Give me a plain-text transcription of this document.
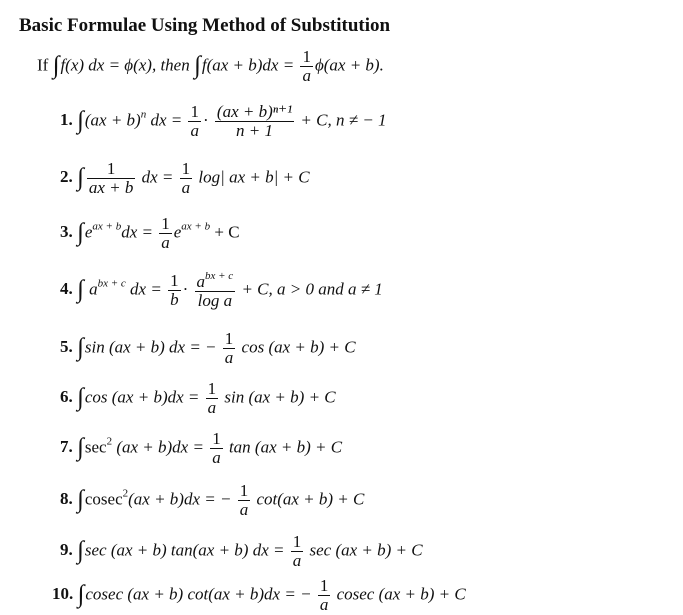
Basic Formulae Using Method of Substitution
If ∫f(x) dx = ϕ(x), then $\int f(ax + b)dx = \frac{1}{a} \phi(ax + b)$.
1. ∫(ax + b)$^n$ dx = $\frac{1}{a} \cdot \frac{\text{(ax + b)ⁿ⁺¹}}{n + 1} + C$, n ≠ − 1
2. ∫ $\frac{1}{ax + b}$ dx = $\frac{1}{a} \log|$ ax + b| + C
3. $\int e^{ax + b}dx = \frac{1}{a} e^{ax + b} + C$
4. ∫ $a^{bx + c}$ dx = $\frac{1}{b} \cdot \frac{a^{bx + c}}{\text{log a}} + C$, a > 0 and a ≠ 1
5. ∫sin (ax + b) dx = − $\frac{1}{a}$ cos (ax + b) + C
6. ∫cos $(ax + b)dx = \frac{1}{a}$ sin (ax + b) + C
7. $\int\sec^2$ $(ax + b)dx = \frac{1}{a}$ tan (ax + b) + C
8. ∫cosec$^2$(ax + b)dx = − $\frac{1}{a} \cot(ax + b) + C$
9. ∫sec (ax + b) tan(ax + b) dx = $\frac{1}{a}$ sec (ax + b) + C
10. ∫cosec (ax + b) cot(ax + b)dx = − $\frac{1}{a}$ cosec (ax + b) + C
